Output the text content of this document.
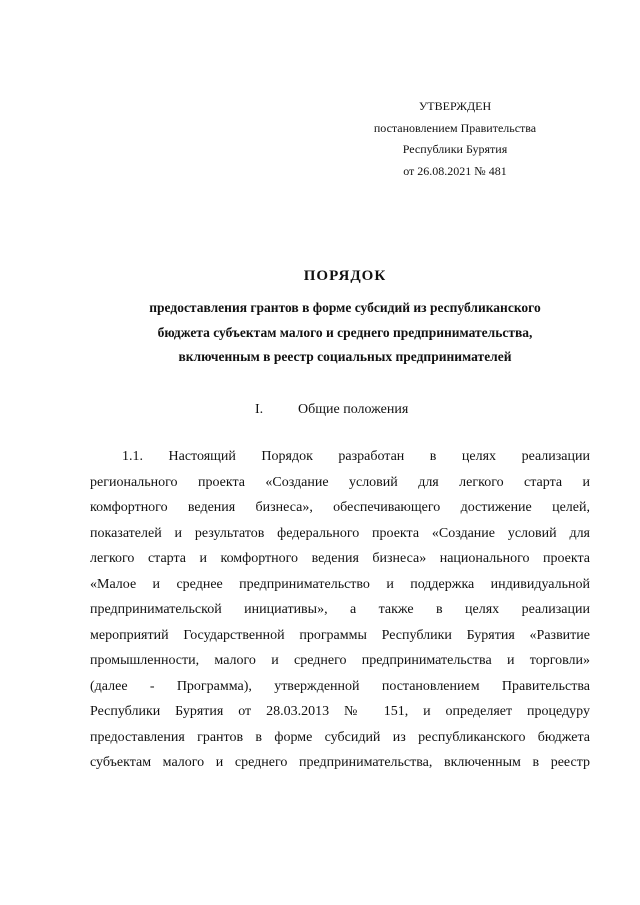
УТВЕРЖДЕН
постановлением Правительства
Республики Бурятия
от 26.08.2021 № 481
ПОРЯДОК
предоставления грантов в форме субсидий из республиканского
бюджета субъектам малого и среднего предпринимательства,
включенным в реестр социальных предпринимателей
I. Общие положения
1.1. Настоящий Порядок разработан в целях реализации
регионального проекта «Создание условий для легкого старта и
комфортного ведения бизнеса», обеспечивающего достижение целей,
показателей и результатов федерального проекта «Создание условий для
легкого старта и комфортного ведения бизнеса» национального проекта
«Малое и среднее предпринимательство и поддержка индивидуальной
предпринимательской инициативы», а также в целях реализации
мероприятий Государственной программы Республики Бурятия «Развитие
промышленности, малого и среднего предпринимательства и торговли»
(далее - Программа), утвержденной постановлением Правительства
Республики Бурятия от 28.03.2013 № 151, и определяет процедуру
предоставления грантов в форме субсидий из республиканского бюджета
субъектам малого и среднего предпринимательства, включенным в реестр
